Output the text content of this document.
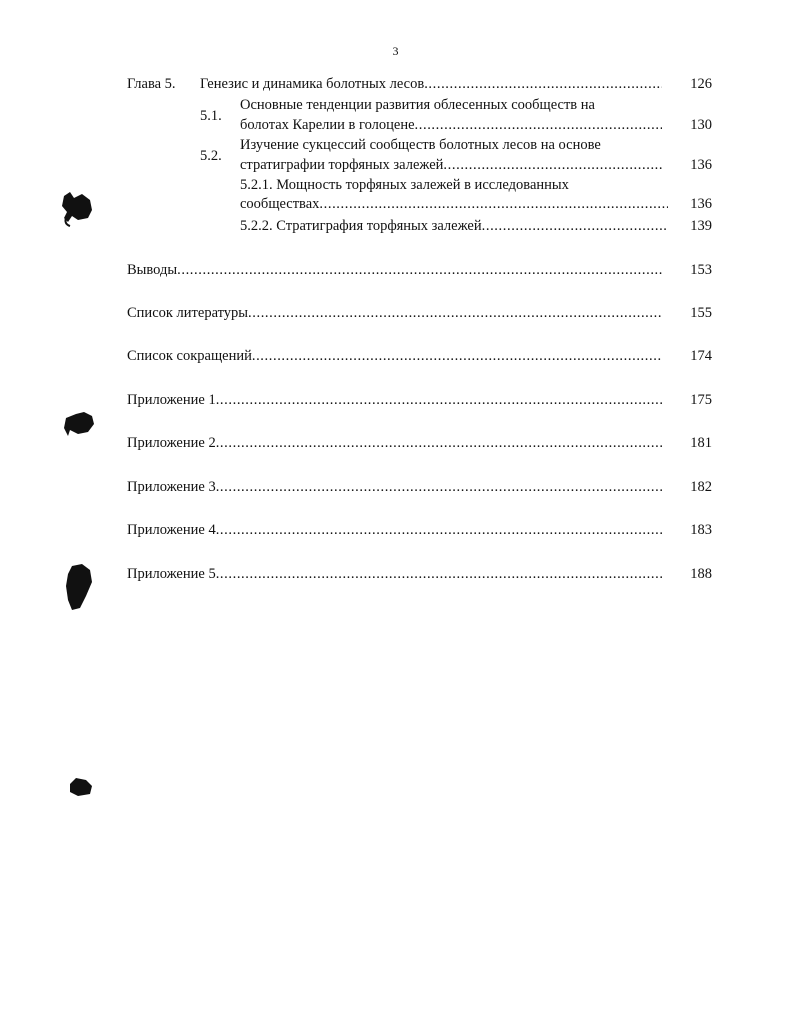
3
Глава 5. Генезис и динамика болотных лесов .....	126
5.1.
Основные тенденции развития облесенных сообществ на
болотах Карелии в голоцене .....	130
5.2.
Изучение сукцессий сообществ болотных лесов на основе
стратиграфии торфяных залежей .....	136
5.2.1. Мощность торфяных залежей в исследованных
сообществах .....	136
5.2.2. Стратиграфия торфяных залежей .....	139
Выводы .....	153
Список литературы .....	155
Список сокращений .....	174
Приложение 1 .....	175
Приложение 2 .....	181
Приложение 3 .....	182
Приложение 4 .....	183
Приложение 5 .....	188
